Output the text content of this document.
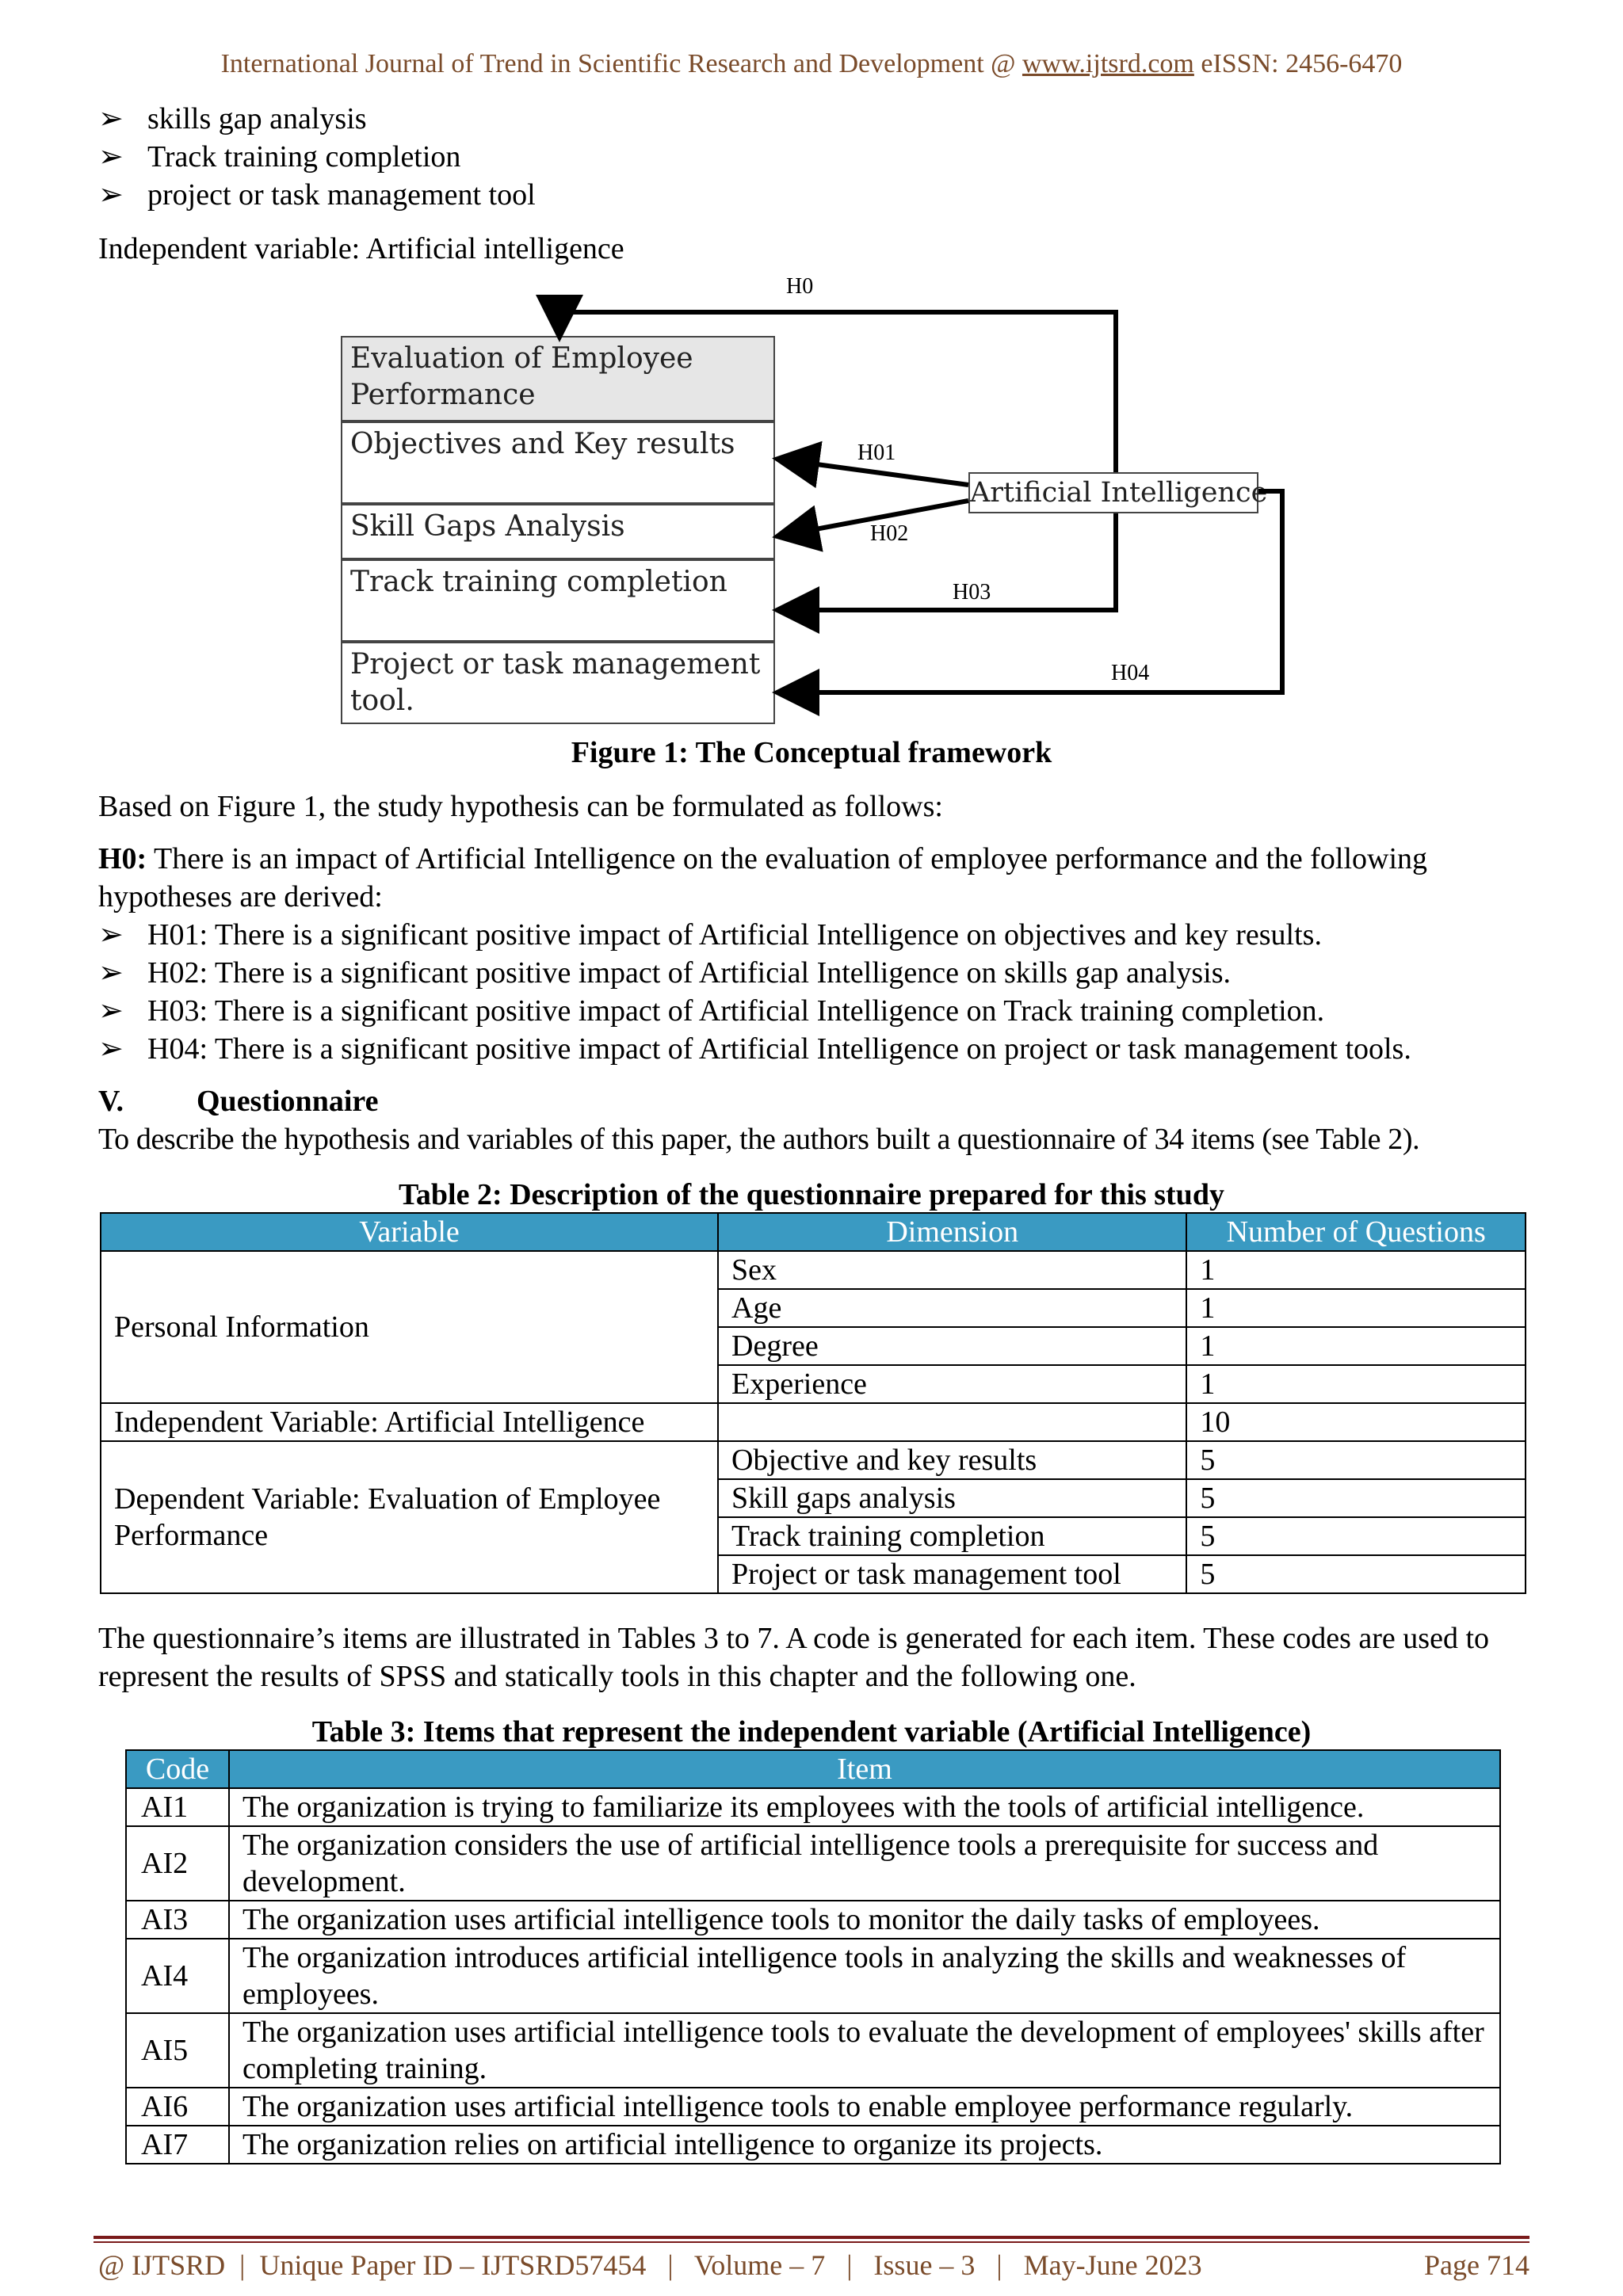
International Journal of Trend in Scientific Research and Development @ www.ijtsrd.com eISSN: 2456-6470
➢ skills gap analysis
➢ Track training completion
➢ project or task management tool
Independent variable: Artificial intelligence
Evaluation of Employee Performance
Objectives and Key results
Skill Gaps Analysis
Track training completion
Project or task management tool.
Artificial Intelligence
H0
H01
H02
H03
H04
Figure 1: The Conceptual framework
Based on Figure 1, the study hypothesis can be formulated as follows:
H0: There is an impact of Artificial Intelligence on the evaluation of employee performance and the following hypotheses are derived:
➢ H01: There is a significant positive impact of Artificial Intelligence on objectives and key results.
➢ H02: There is a significant positive impact of Artificial Intelligence on skills gap analysis.
➢ H03: There is a significant positive impact of Artificial Intelligence on Track training completion.
➢ H04: There is a significant positive impact of Artificial Intelligence on project or task management tools.
V. Questionnaire
To describe the hypothesis and variables of this paper, the authors built a questionnaire of 34 items (see Table 2).
Table 2: Description of the questionnaire prepared for this study
Variable	Dimension	Number of Questions
Personal Information	Sex	1
	Age	1
	Degree	1
	Experience	1
Independent Variable: Artificial Intelligence		10
Dependent Variable: Evaluation of Employee Performance	Objective and key results	5
	Skill gaps analysis	5
	Track training completion	5
	Project or task management tool	5
The questionnaire’s items are illustrated in Tables 3 to 7. A code is generated for each item. These codes are used to represent the results of SPSS and statically tools in this chapter and the following one.
Table 3: Items that represent the independent variable (Artificial Intelligence)
Code	Item
AI1	The organization is trying to familiarize its employees with the tools of artificial intelligence.
AI2	The organization considers the use of artificial intelligence tools a prerequisite for success and development.
AI3	The organization uses artificial intelligence tools to monitor the daily tasks of employees.
AI4	The organization introduces artificial intelligence tools in analyzing the skills and weaknesses of employees.
AI5	The organization uses artificial intelligence tools to evaluate the development of employees' skills after completing training.
AI6	The organization uses artificial intelligence tools to enable employee performance regularly.
AI7	The organization relies on artificial intelligence to organize its projects.
@ IJTSRD  |  Unique Paper ID – IJTSRD57454   |   Volume – 7   |   Issue – 3   |   May-June 2023	Page 714
